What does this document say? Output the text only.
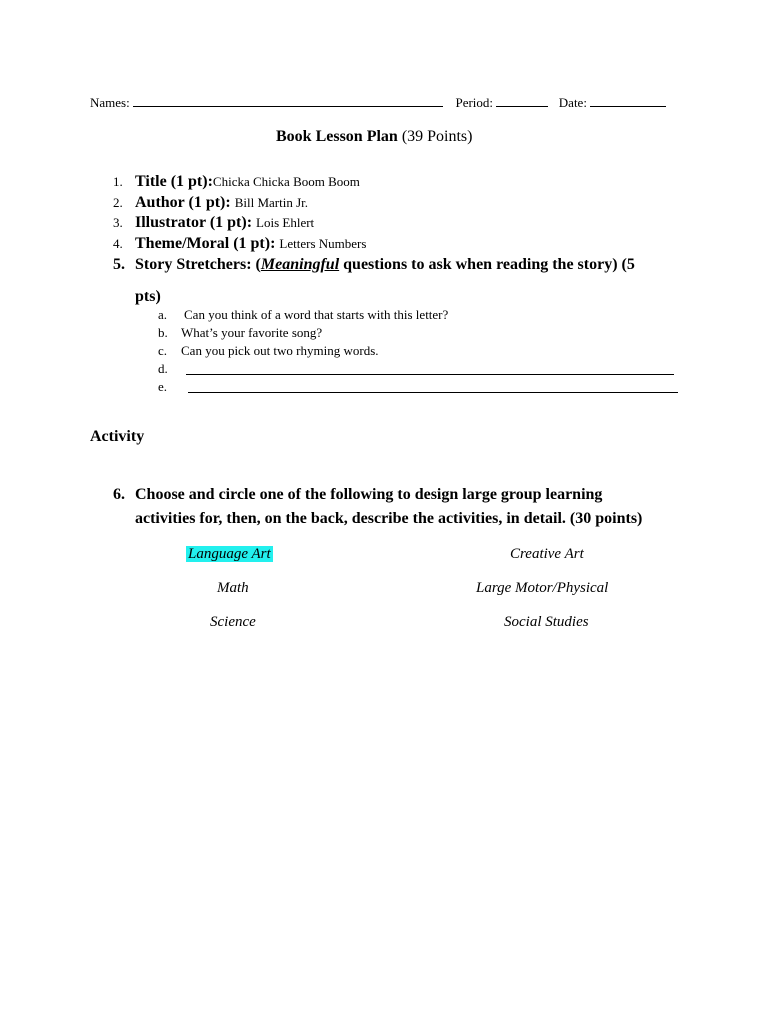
Names:	Period:	Date:
Book Lesson Plan (39 Points)
1. Title (1 pt):Chicka Chicka Boom Boom
2. Author (1 pt): Bill Martin Jr.
3. Illustrator (1 pt): Lois Ehlert
4. Theme/Moral (1 pt): Letters Numbers
5. Story Stretchers: (Meaningful questions to ask when reading the story) (5
pts)
a. Can you think of a word that starts with this letter?
b. What’s your favorite song?
c. Can you pick out two rhyming words.
d.
e.
Activity
6. Choose and circle one of the following to design large group learning
activities for, then, on the back, describe the activities, in detail. (30 points)
Language Art	Creative Art
Math	Large Motor/Physical
Science	Social Studies
